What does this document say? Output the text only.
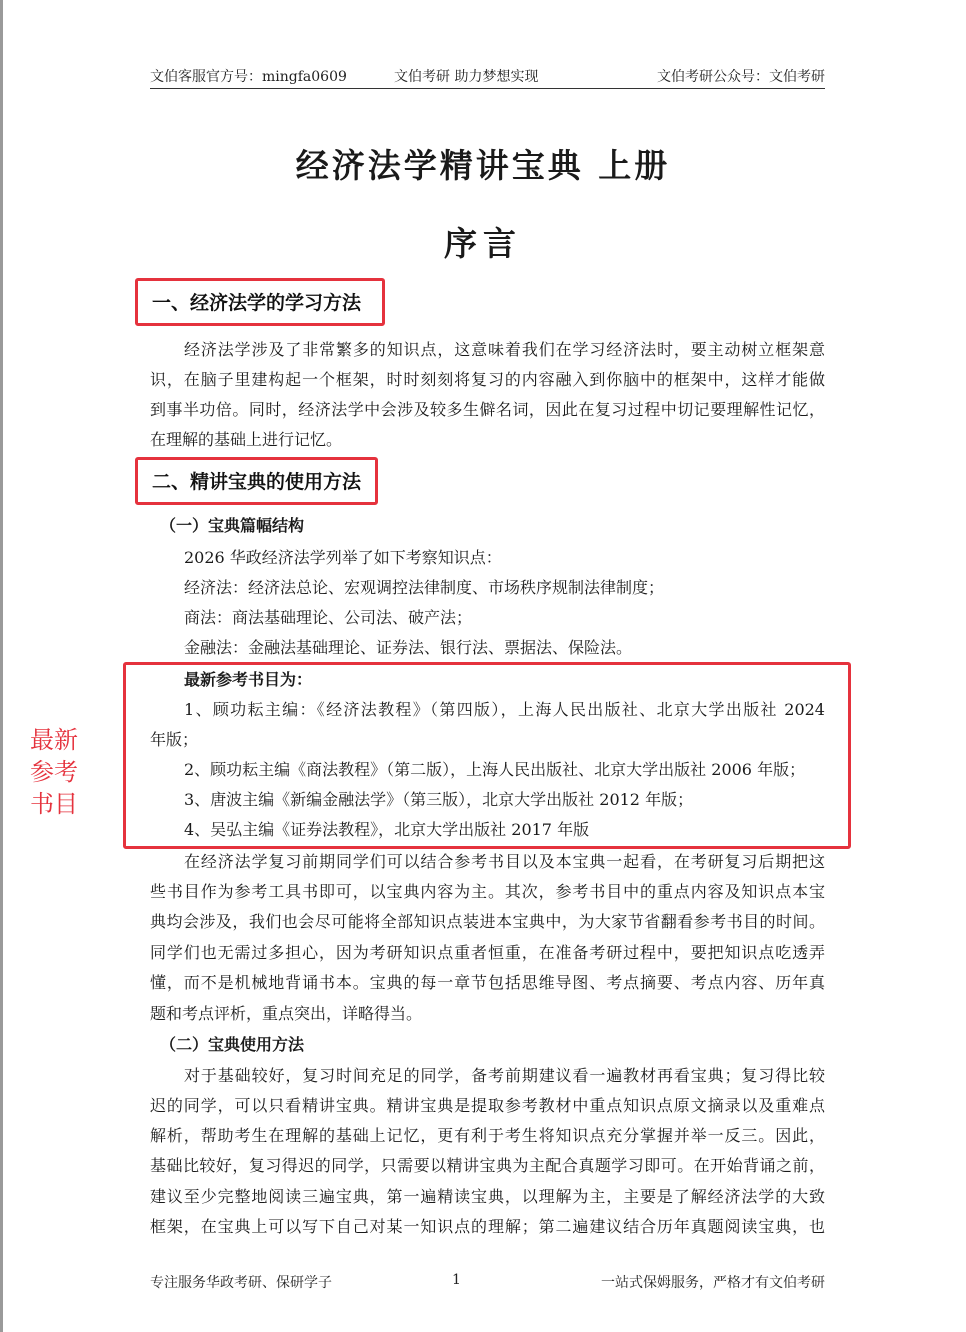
文伯客服官方号：mingfa0609	文伯考研 助力梦想实现	文伯考研公众号：文伯考研
经济法学精讲宝典 上册
序言
一、经济法学的学习方法
经济法学涉及了非常繁多的知识点，这意味着我们在学习经济法时，要主动树立框架意
识，在脑子里建构起一个框架，时时刻刻将复习的内容融入到你脑中的框架中，这样才能做
到事半功倍。同时，经济法学中会涉及较多生僻名词，因此在复习过程中切记要理解性记忆，
在理解的基础上进行记忆。
二、精讲宝典的使用方法
（一）宝典篇幅结构
2026 华政经济法学列举了如下考察知识点：
经济法：经济法总论、宏观调控法律制度、市场秩序规制法律制度；
商法：商法基础理论、公司法、破产法；
金融法：金融法基础理论、证券法、银行法、票据法、保险法。
最新参考书目为：
1、顾功耘主编：《经济法教程》（第四版），上海人民出版社、北京大学出版社 2024
年版；
2、顾功耘主编《商法教程》（第二版），上海人民出版社、北京大学出版社 2006 年版；
3、唐波主编《新编金融法学》（第三版），北京大学出版社 2012 年版；
4、吴弘主编《证券法教程》，北京大学出版社 2017 年版
最新
参考
书目
在经济法学复习前期同学们可以结合参考书目以及本宝典一起看，在考研复习后期把这
些书目作为参考工具书即可，以宝典内容为主。其次，参考书目中的重点内容及知识点本宝
典均会涉及，我们也会尽可能将全部知识点装进本宝典中，为大家节省翻看参考书目的时间。
同学们也无需过多担心，因为考研知识点重者恒重，在准备考研过程中，要把知识点吃透弄
懂，而不是机械地背诵书本。宝典的每一章节包括思维导图、考点摘要、考点内容、历年真
题和考点评析，重点突出，详略得当。
（二）宝典使用方法
对于基础较好，复习时间充足的同学，备考前期建议看一遍教材再看宝典；复习得比较
迟的同学，可以只看精讲宝典。精讲宝典是提取参考教材中重点知识点原文摘录以及重难点
解析，帮助考生在理解的基础上记忆，更有利于考生将知识点充分掌握并举一反三。因此，
基础比较好，复习得迟的同学，只需要以精讲宝典为主配合真题学习即可。在开始背诵之前，
建议至少完整地阅读三遍宝典，第一遍精读宝典，以理解为主，主要是了解经济法学的大致
框架，在宝典上可以写下自己对某一知识点的理解；第二遍建议结合历年真题阅读宝典，也
专注服务华政考研、保研学子	1	一站式保姆服务，严格才有文伯考研
